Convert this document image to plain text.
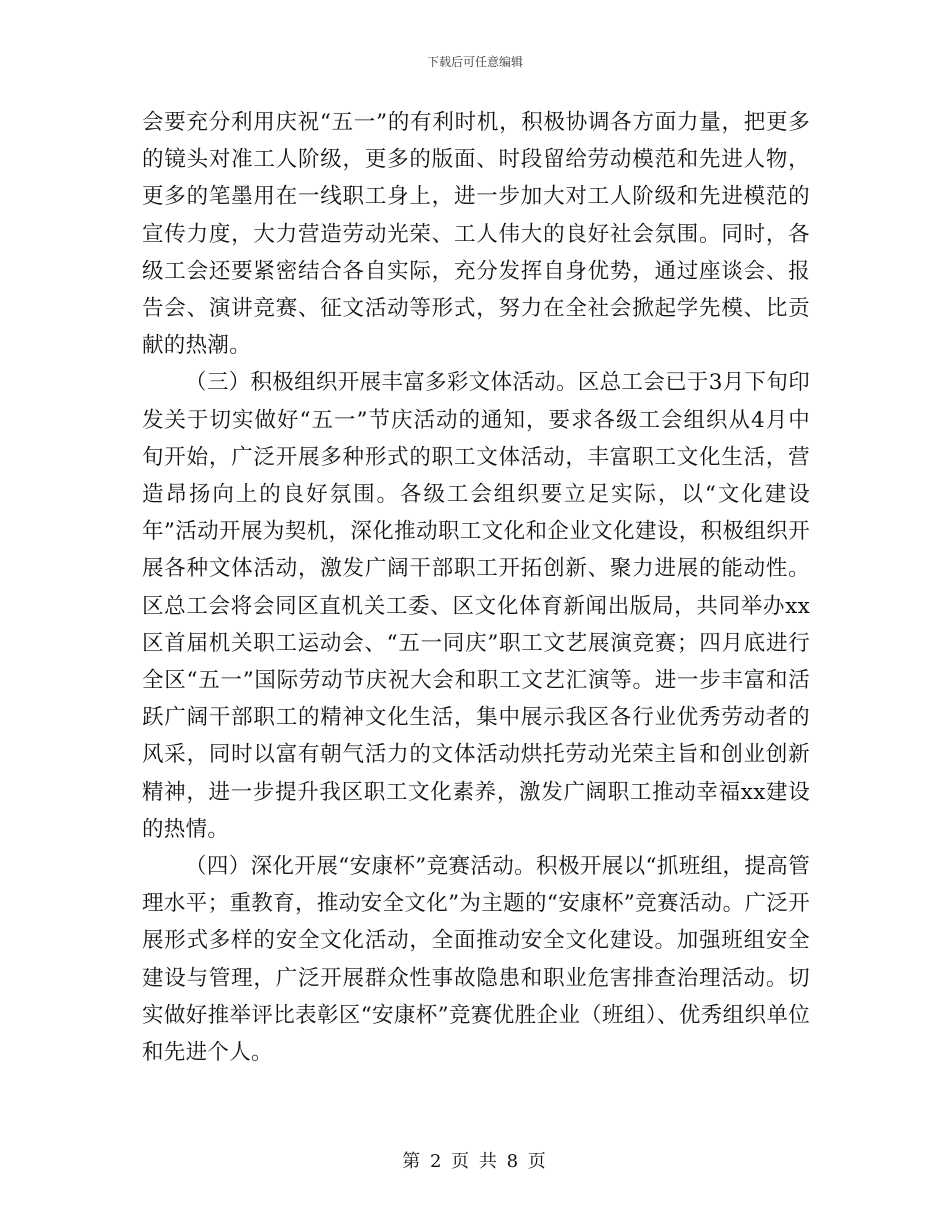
下载后可任意编辑

会要充分利用庆祝“五一”的有利时机，积极协调各方面力量，把更多的镜头对准工人阶级，更多的版面、时段留给劳动模范和先进人物，更多的笔墨用在一线职工身上，进一步加大对工人阶级和先进模范的宣传力度，大力营造劳动光荣、工人伟大的良好社会氛围。同时，各级工会还要紧密结合各自实际，充分发挥自身优势，通过座谈会、报告会、演讲竞赛、征文活动等形式，努力在全社会掀起学先模、比贡献的热潮。

（三）积极组织开展丰富多彩文体活动。区总工会已于3月下旬印发关于切实做好“五一”节庆活动的通知，要求各级工会组织从4月中旬开始，广泛开展多种形式的职工文体活动，丰富职工文化生活，营造昂扬向上的良好氛围。各级工会组织要立足实际，以“文化建设年”活动开展为契机，深化推动职工文化和企业文化建设，积极组织开展各种文体活动，激发广阔干部职工开拓创新、聚力进展的能动性。区总工会将会同区直机关工委、区文化体育新闻出版局，共同举办xx区首届机关职工运动会、“五一同庆”职工文艺展演竞赛；四月底进行全区“五一”国际劳动节庆祝大会和职工文艺汇演等。进一步丰富和活跃广阔干部职工的精神文化生活，集中展示我区各行业优秀劳动者的风采，同时以富有朝气活力的文体活动烘托劳动光荣主旨和创业创新精神，进一步提升我区职工文化素养，激发广阔职工推动幸福xx建设的热情。

（四）深化开展“安康杯”竞赛活动。积极开展以“抓班组，提高管理水平；重教育，推动安全文化”为主题的“安康杯”竞赛活动。广泛开展形式多样的安全文化活动，全面推动安全文化建设。加强班组安全建设与管理，广泛开展群众性事故隐患和职业危害排查治理活动。切实做好推举评比表彰区“安康杯”竞赛优胜企业（班组）、优秀组织单位和先进个人。

第 2 页 共 8 页
